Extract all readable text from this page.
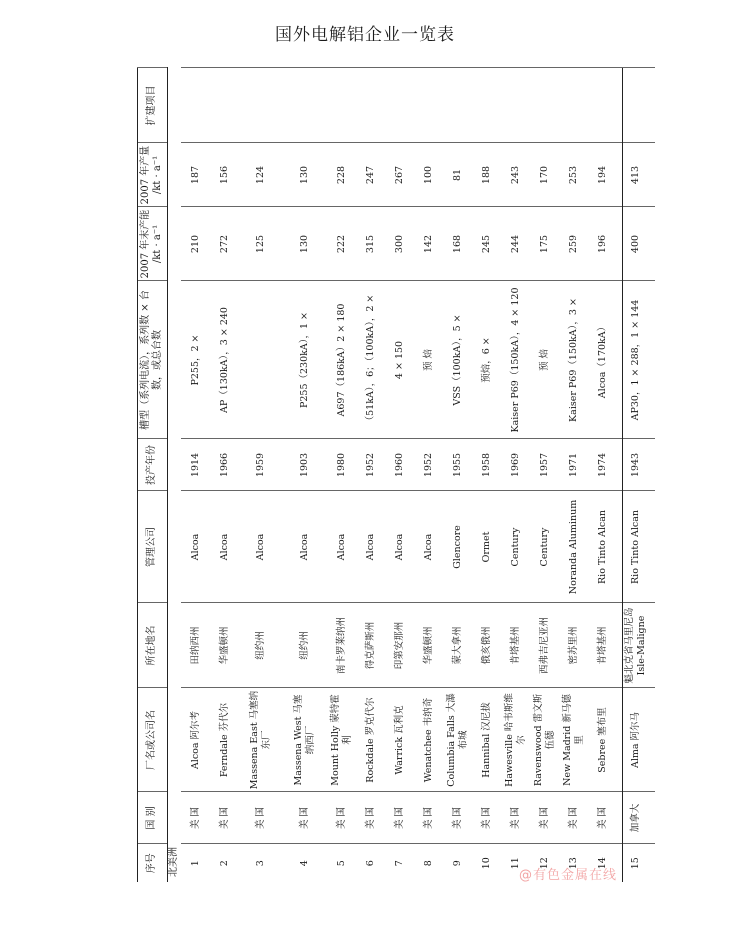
国外电解铝企业一览表
序号	国 别	厂名或公司名	所在地名	管理公司	投产年份	槽型（系列电流），系列数 × 台数，或总台数	2007 年末产能 /kt · a⁻¹	2007 年产量 /kt · a⁻¹	扩建项目
北美洲									
1	美 国	Alcoa 阿尔考	田纳西州	Alcoa	1914	P255，2 ×	210	187	
2	美 国	Ferndale 芬代尔	华盛顿州	Alcoa	1966	AP（130kA），3 × 240	272	156	
3	美 国	Massena East 马塞纳东厂	纽约州	Alcoa	1959		125	124	
4	美 国	Massena West 马塞纳西厂	纽约州	Alcoa	1903	P255（230kA），1 ×	130	130	
5	美 国	Mount Holly 蒙特霍利	南卡罗莱纳州	Alcoa	1980	A697（186kA）2 × 180	222	228	
6	美 国	Rockdale 罗克代尔	得克萨斯州	Alcoa	1952	（51kA），6；（100kA），2 ×	315	247	
7	美 国	Warrick 瓦利克	印第安那州	Alcoa	1960	4 × 150	300	267	
8	美 国	Wenatchee 韦纳奇	华盛顿州	Alcoa	1952	预 焙	142	100	
9	美 国	Columbia Falls 大瀑布城	蒙大拿州	Glencore	1955	VSS（100kA），5 ×	168	81	
10	美 国	Hannibal 汉尼拔	俄亥俄州	Ormet	1958	预焙，6 ×	245	188	
11	美 国	Hawesville 哈韦斯维尔	肯塔基州	Century	1969	Kaiser P69（150kA），4 × 120	244	243	
12	美 国	Ravenswood 雷文斯伍德	西弗吉尼亚州	Century	1957	预 焙	175	170	
13	美 国	New Madrid 新马德里	密苏里州	Noranda Aluminum	1971	Kaiser P69（150kA），3 ×	259	253	
14	美 国	Sebree 塞布里	肯塔基州	Rio Tinto Alcan	1974	Alcoa（170kA）	196	194	
15	加拿大	Alma 阿尔马	魁北克省马里尼岛 Isle-Maligne	Rio Tinto Alcan	1943	AP30，1 × 288，1 × 144	400	413	
@有色金属在线
